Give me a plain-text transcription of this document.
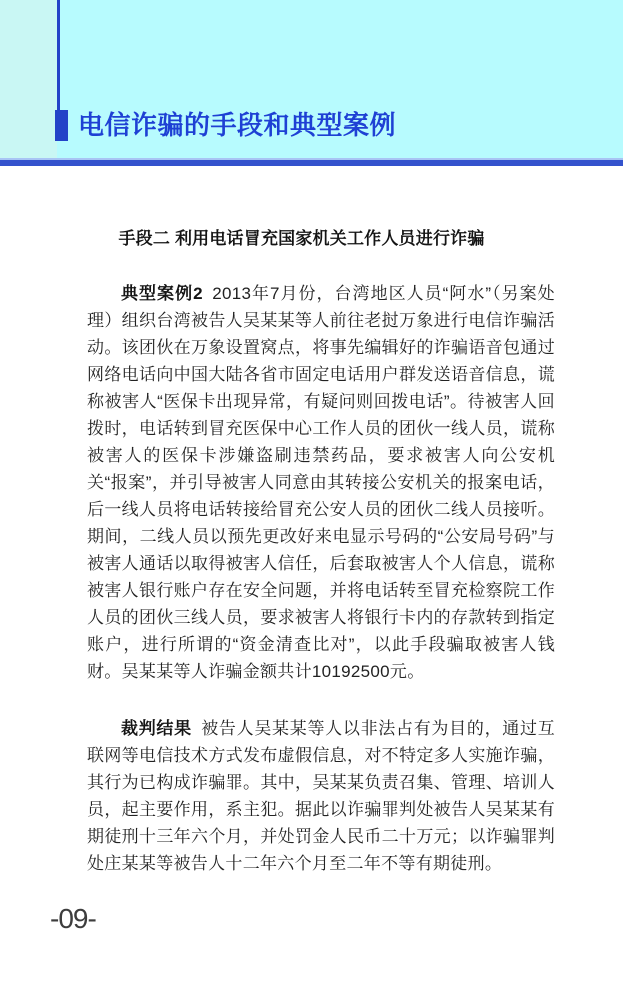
电信诈骗的手段和典型案例
手段二 利用电话冒充国家机关工作人员进行诈骗

典型案例2 2013年7月份，台湾地区人员“阿水”（另案处理）组织台湾被告人吴某某等人前往老挝万象进行电信诈骗活动。该团伙在万象设置窝点，将事先编辑好的诈骗语音包通过网络电话向中国大陆各省市固定电话用户群发送语音信息，谎称被害人“医保卡出现异常，有疑问则回拨电话”。待被害人回拨时，电话转到冒充医保中心工作人员的团伙一线人员，谎称被害人的医保卡涉嫌盗刷违禁药品，要求被害人向公安机关“报案”，并引导被害人同意由其转接公安机关的报案电话，后一线人员将电话转接给冒充公安人员的团伙二线人员接听。期间，二线人员以预先更改好来电显示号码的“公安局号码”与被害人通话以取得被害人信任，后套取被害人个人信息，谎称被害人银行账户存在安全问题，并将电话转至冒充检察院工作人员的团伙三线人员，要求被害人将银行卡内的存款转到指定账户，进行所谓的“资金清查比对”，以此手段骗取被害人钱财。吴某某等人诈骗金额共计10192500元。

裁判结果 被告人吴某某等人以非法占有为目的，通过互联网等电信技术方式发布虚假信息，对不特定多人实施诈骗，其行为已构成诈骗罪。其中，吴某某负责召集、管理、培训人员，起主要作用，系主犯。据此以诈骗罪判处被告人吴某某有期徒刑十三年六个月，并处罚金人民币二十万元；以诈骗罪判处庄某某等被告人十二年六个月至二年不等有期徒刑。

-09-
